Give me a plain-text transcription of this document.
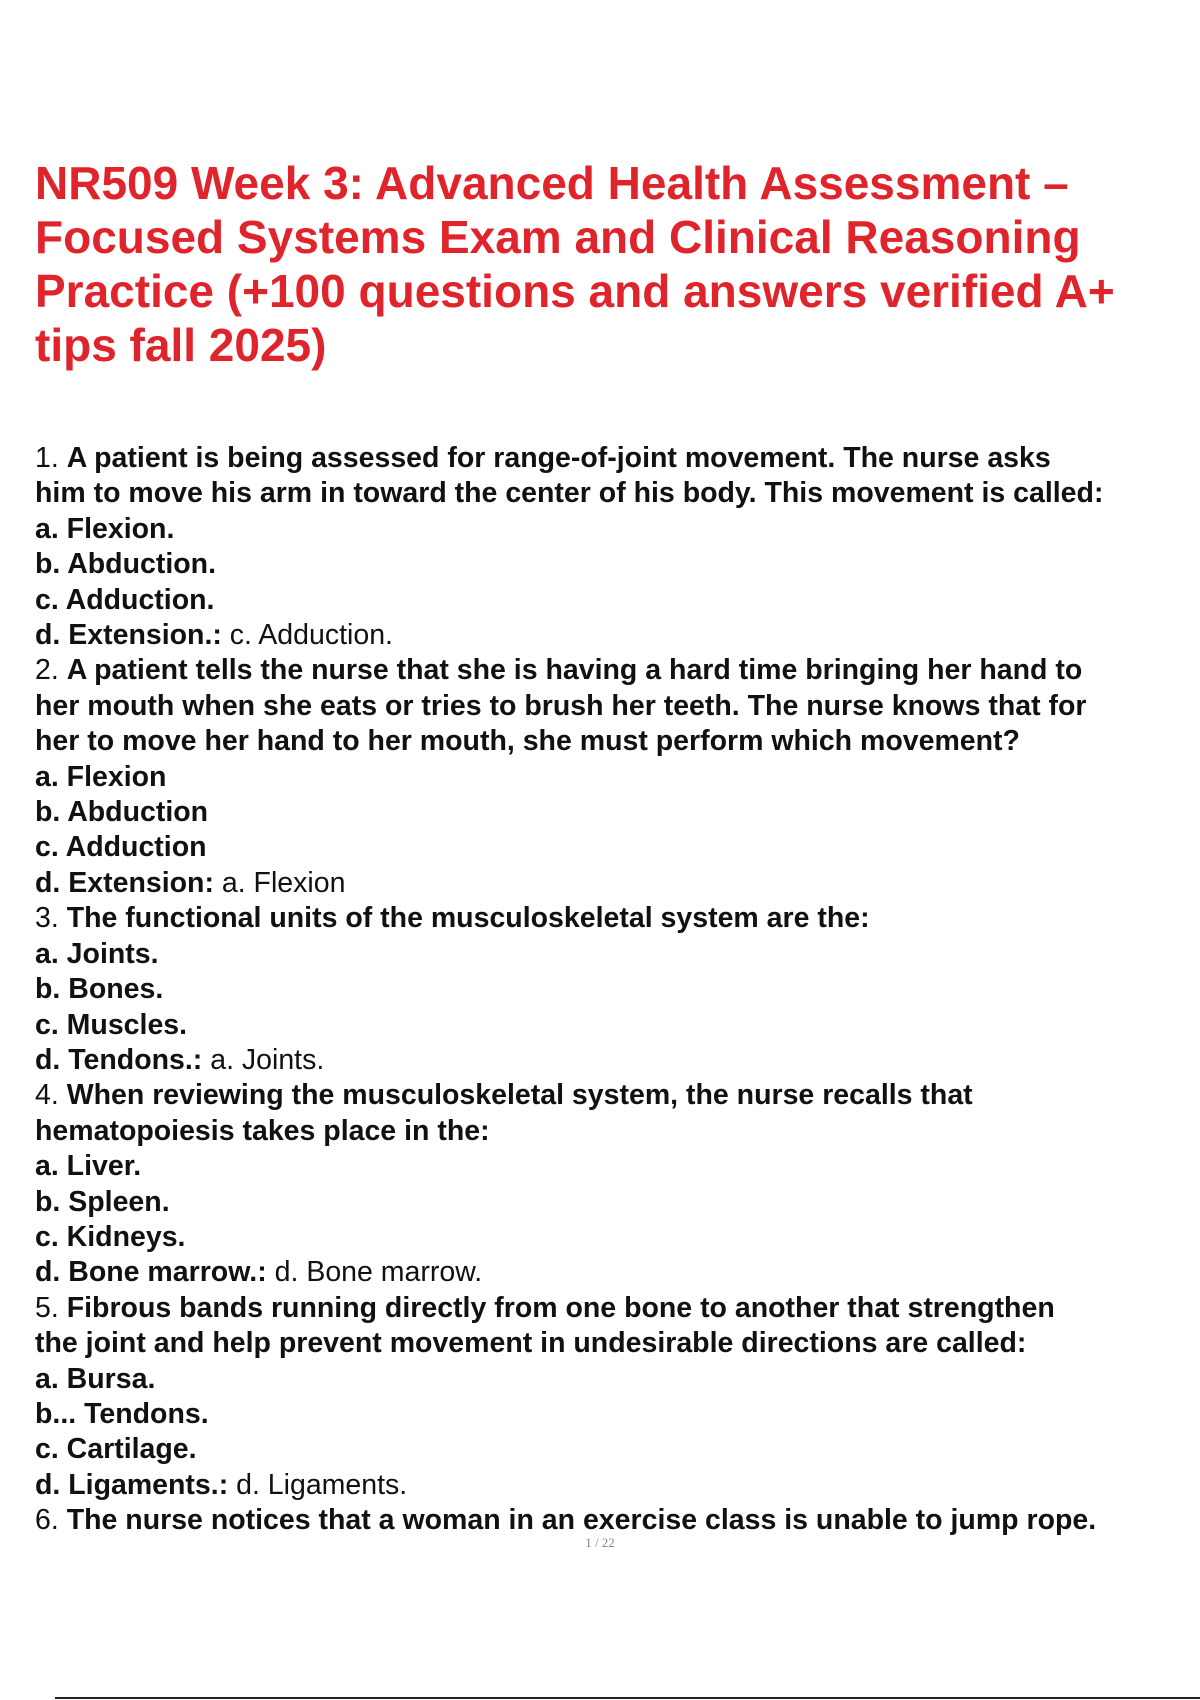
NR509 Week 3: Advanced Health Assessment – Focused Systems Exam and Clinical Reasoning Practice (+100 questions and answers verified A+ tips fall 2025)
1. A patient is being assessed for range-of-joint movement. The nurse asks
him to move his arm in toward the center of his body. This movement is called:
a. Flexion.
b. Abduction.
c. Adduction.
d. Extension.: c. Adduction.
2. A patient tells the nurse that she is having a hard time bringing her hand to
her mouth when she eats or tries to brush her teeth. The nurse knows that for
her to move her hand to her mouth, she must perform which movement?
a. Flexion
b. Abduction
c. Adduction
d. Extension: a. Flexion
3. The functional units of the musculoskeletal system are the:
a. Joints.
b. Bones.
c. Muscles.
d. Tendons.: a. Joints.
4. When reviewing the musculoskeletal system, the nurse recalls that
hematopoiesis takes place in the:
a. Liver.
b. Spleen.
c. Kidneys.
d. Bone marrow.: d. Bone marrow.
5. Fibrous bands running directly from one bone to another that strengthen
the joint and help prevent movement in undesirable directions are called:
a. Bursa.
b... Tendons.
c. Cartilage.
d. Ligaments.: d. Ligaments.
6. The nurse notices that a woman in an exercise class is unable to jump rope.
1 / 22
